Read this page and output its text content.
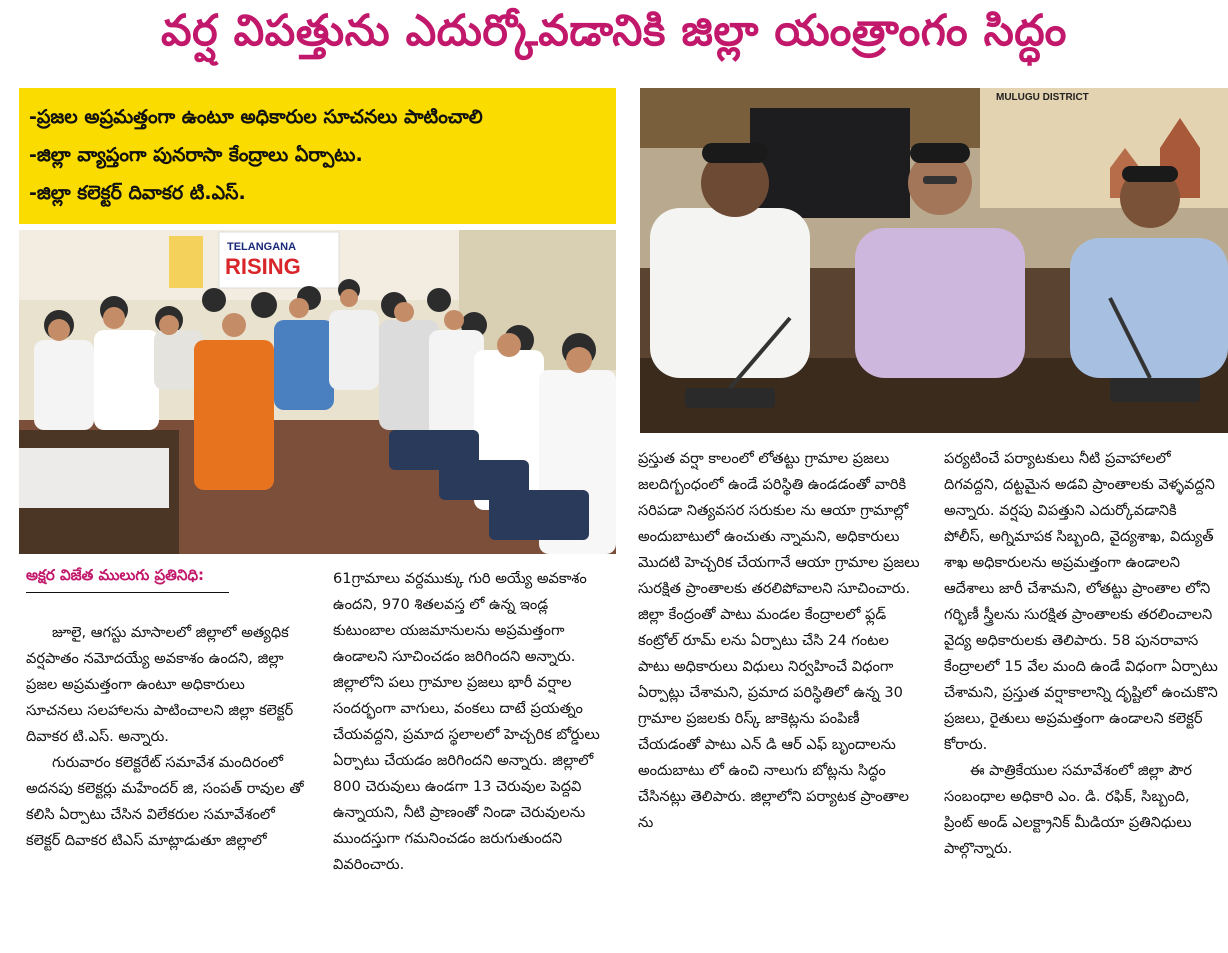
వర్ష విపత్తును ఎదుర్కోవడానికి జిల్లా యంత్రాంగం సిద్ధం
-ప్రజల అప్రమత్తంగా ఉంటూ అధికారుల సూచనలు పాటించాలి
-జిల్లా వ్యాప్తంగా పునరాసా కేంద్రాలు ఏర్పాటు.
-జిల్లా కలెక్టర్ దివాకర టి.ఎస్.
TELANGANA
RISING
MULUGU DISTRICT
అక్షర విజేత ములుగు ప్రతినిధి:

జూలై, ఆగస్టు మాసాలలో జిల్లాలో అత్యధిక వర్షపాతం నమోదయ్యే అవకాశం ఉందని, జిల్లా ప్రజల అప్రమత్తంగా ఉంటూ అధికారులు సూచనలు సలహాలను పాటించాలని జిల్లా కలెక్టర్ దివాకర టి.ఎస్. అన్నారు.

గురువారం కలెక్టరేట్ సమావేశ మందిరంలో అదనపు కలెక్టర్లు మహేందర్ జి, సంపత్ రావుల తో కలిసి ఏర్పాటు చేసిన విలేకరుల సమావేశంలో కలెక్టర్ దివాకర టిఎస్ మాట్లాడుతూ జిల్లాలో

61గ్రామాలు వర్దముక్కు గురి అయ్యే అవకాశం ఉందని, 970 శితలవస్త లో ఉన్న ఇండ్ల కుటుంబాల యజమానులను అప్రమత్తంగా ఉండాలని సూచించడం జరిగిందని అన్నారు. జిల్లాలోని పలు గ్రామాల ప్రజలు భారీ వర్షాల సందర్భంగా వాగులు, వంకలు దాటే ప్రయత్నం చేయవద్దని, ప్రమాద స్థలాలలో హెచ్చరిక బోర్డులు ఏర్పాటు చేయడం జరిగిందని అన్నారు. జిల్లాలో 800 చెరువులు ఉండగా 13 చెరువుల పెద్దవి ఉన్నాయని, నీటి ప్రాణంతో నిండా చెరువులను ముందస్తుగా గమనించడం జరుగుతుందని వివరించారు.

ప్రస్తుత వర్షా కాలంలో లోతట్టు గ్రామాల ప్రజలు జలదిగ్బంధంలో ఉండే పరిస్థితి ఉండడంతో వారికి సరిపడా నిత్యవసర సరుకుల ను ఆయా గ్రామాల్లో అందుబాటులో ఉంచుతు న్నామని, అధికారులు మొదటి హెచ్చరిక చేయగానే ఆయా గ్రామాల ప్రజలు సురక్షిత ప్రాంతాలకు తరలిపోవాలని సూచించారు. జిల్లా కేంద్రంతో పాటు మండల కేంద్రాలలో ఫ్లడ్ కంట్రోల్ రూమ్ లను ఏర్పాటు చేసి 24 గంటల పాటు అధికారులు విధులు నిర్వహించే విధంగా ఏర్పాట్లు చేశామని, ప్రమాద పరిస్థితిలో ఉన్న 30 గ్రామాల ప్రజలకు రిస్క్ జాకెట్లను పంపిణీ చేయడంతో పాటు ఎన్ డి ఆర్ ఎఫ్ బృందాలను అందుబాటు లో ఉంచి నాలుగు బోట్లను సిద్ధం చేసినట్లు తెలిపారు. జిల్లాలోని పర్యాటక ప్రాంతాల ను

పర్యటించే పర్యాటకులు నీటి ప్రవాహాలలో దిగవద్దని, దట్టమైన అడవి ప్రాంతాలకు వెళ్ళవద్దని అన్నారు. వర్షపు విపత్తుని ఎదుర్కోవడానికి పోలీస్, అగ్నిమాపక సిబ్బంది, వైద్యశాఖ, విద్యుత్ శాఖ అధికారులను అప్రమత్తంగా ఉండాలని ఆదేశాలు జారీ చేశామని, లోతట్టు ప్రాంతాల లోని గర్భిణీ స్త్రీలను సురక్షిత ప్రాంతాలకు తరలించాలని వైద్య అధికారులకు తెలిపారు. 58 పునరావాస కేంద్రాలలో 15 వేల మంది ఉండే విధంగా ఏర్పాటు చేశామని, ప్రస్తుత వర్షాకాలాన్ని దృష్టిలో ఉంచుకొని ప్రజలు, రైతులు అప్రమత్తంగా ఉండాలని కలెక్టర్ కోరారు.

ఈ పాత్రికేయుల సమావేశంలో జిల్లా పౌర సంబంధాల అధికారి ఎం. డి. రఫిక్, సిబ్బంది, ప్రింట్ అండ్ ఎలక్ట్రానిక్ మీడియా ప్రతినిధులు పాల్గొన్నారు.
